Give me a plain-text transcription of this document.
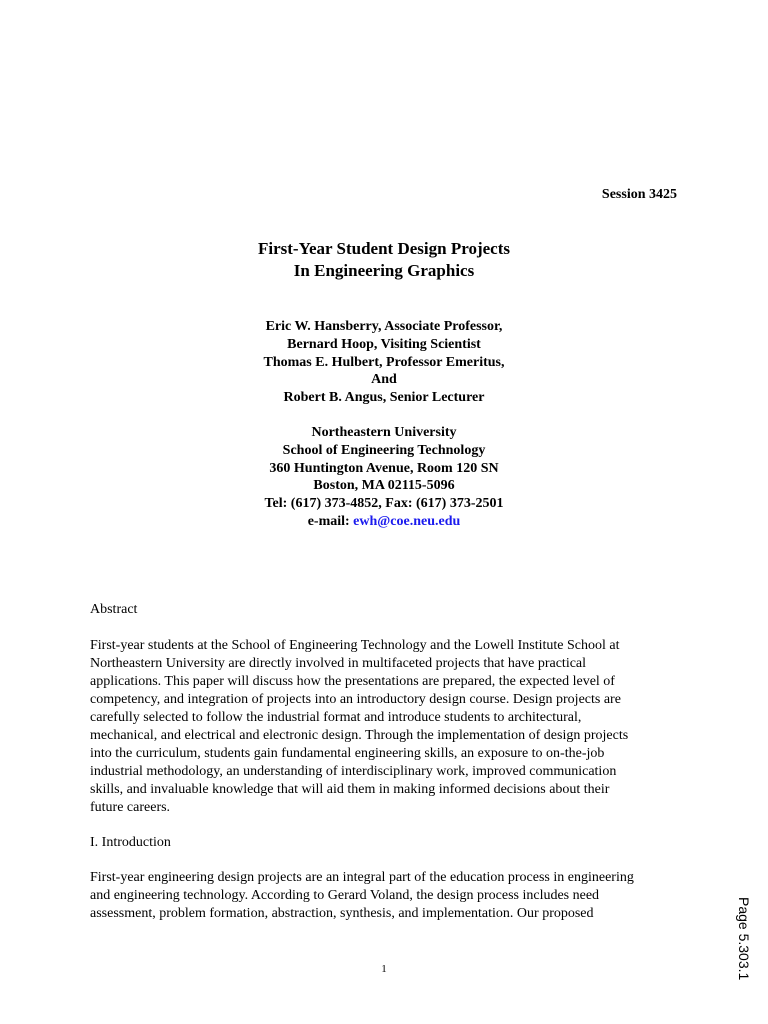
Session 3425
First-Year Student Design Projects
In Engineering Graphics
Eric W. Hansberry, Associate Professor,
Bernard Hoop, Visiting Scientist
Thomas E. Hulbert, Professor Emeritus,
And
Robert B. Angus, Senior Lecturer
Northeastern University
School of Engineering Technology
360 Huntington Avenue, Room 120 SN
Boston, MA 02115-5096
Tel: (617) 373-4852, Fax: (617) 373-2501
e-mail: ewh@coe.neu.edu
Abstract
First-year students at the School of Engineering Technology and the Lowell Institute School at
Northeastern University are directly involved in multifaceted projects that have practical
applications. This paper will discuss how the presentations are prepared, the expected level of
competency, and integration of projects into an introductory design course. Design projects are
carefully selected to follow the industrial format and introduce students to architectural,
mechanical, and electrical and electronic design. Through the implementation of design projects
into the curriculum, students gain fundamental engineering skills, an exposure to on-the-job
industrial methodology, an understanding of interdisciplinary work, improved communication
skills, and invaluable knowledge that will aid them in making informed decisions about their
future careers.
I. Introduction
First-year engineering design projects are an integral part of the education process in engineering
and engineering technology. According to Gerard Voland, the design process includes need
assessment, problem formation, abstraction, synthesis, and implementation. Our proposed
1	Page 5.303.1
